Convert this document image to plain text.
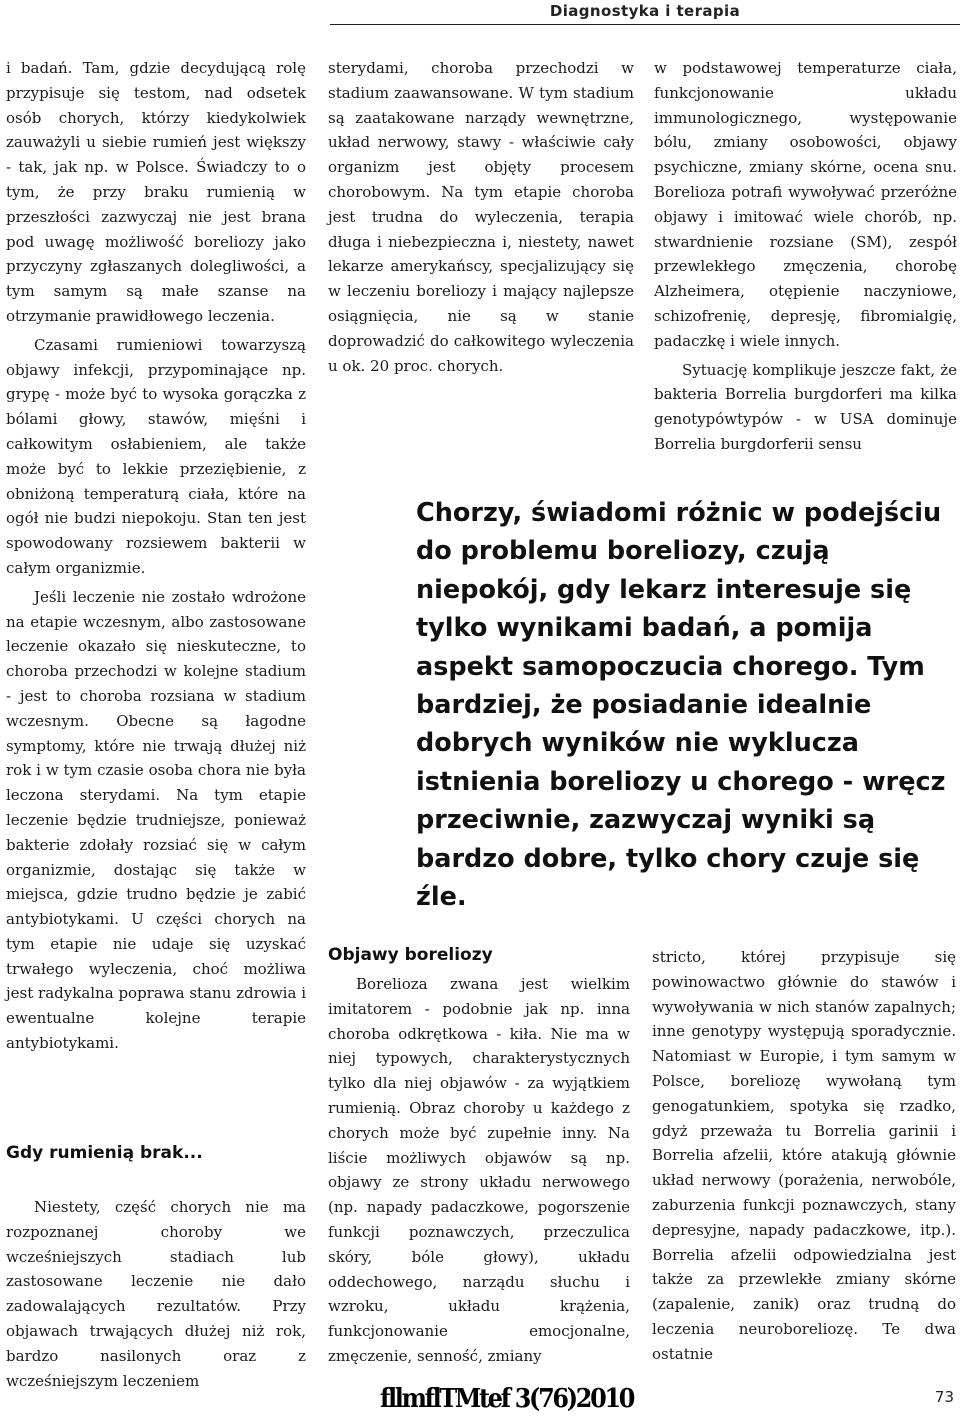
Diagnostyka i terapia

i badań. Tam, gdzie decydującą rolę przypisuje się testom, nad odsetek osób chorych, którzy kiedykolwiek zauważyli u siebie rumień jest większy - tak, jak np. w Polsce. Świadczy to o tym, że przy braku rumienią w przeszłości zazwyczaj nie jest brana pod uwagę możliwość boreliozy jako przyczyny zgłaszanych dolegliwości, a tym samym są małe szanse na otrzymanie prawidłowego leczenia.

Czasami rumieniowi towarzyszą objawy infekcji, przypominające np. grypę - może być to wysoka gorączka z bólami głowy, stawów, mięśni i całkowitym osłabieniem, ale także może być to lekkie przeziębienie, z obniżoną temperaturą ciała, które na ogół nie budzi niepokoju. Stan ten jest spowodowany rozsiewem bakterii w całym organizmie.

Jeśli leczenie nie zostało wdrożone na etapie wczesnym, albo zastosowane leczenie okazało się nieskuteczne, to choroba przechodzi w kolejne stadium - jest to choroba rozsiana w stadium wczesnym. Obecne są łagodne symptomy, które nie trwają dłużej niż rok i w tym czasie osoba chora nie była leczona sterydami. Na tym etapie leczenie będzie trudniejsze, ponieważ bakterie zdołały rozsiać się w całym organizmie, dostając się także w miejsca, gdzie trudno będzie je zabić antybiotykami. U części chorych na tym etapie nie udaje się uzyskać trwałego wyleczenia, choć możliwa jest radykalna poprawa stanu zdrowia i ewentualne kolejne terapie antybiotykami.

Gdy rumienią brak...

Niestety, część chorych nie ma rozpoznanej choroby we wcześniejszych stadiach lub zastosowane leczenie nie dało zadowalających rezultatów. Przy objawach trwających dłużej niż rok, bardzo nasilonych oraz z wcześniejszym leczeniem

sterydami, choroba przechodzi w stadium zaawansowane. W tym stadium są zaatakowane narządy wewnętrzne, układ nerwowy, stawy - właściwie cały organizm jest objęty procesem chorobowym. Na tym etapie choroba jest trudna do wyleczenia, terapia długa i niebezpieczna i, niestety, nawet lekarze amerykańscy, specjalizujący się w leczeniu boreliozy i mający najlepsze osiągnięcia, nie są w stanie doprowadzić do całkowitego wyleczenia u ok. 20 proc. chorych.

w podstawowej temperaturze ciała, funkcjonowanie układu immunologicznego, występowanie bólu, zmiany osobowości, objawy psychiczne, zmiany skórne, ocena snu. Borelioza potrafi wywoływać przeróżne objawy i imitować wiele chorób, np. stwardnienie rozsiane (SM), zespół przewlekłego zmęczenia, chorobę Alzheimera, otępienie naczyniowe, schizofrenię, depresję, fibromialgię, padaczkę i wiele innych.

Sytuację komplikuje jeszcze fakt, że bakteria Borrelia burgdorferi ma kilka genotypówtypów - w USA dominuje Borrelia burgdorferii sensu

Chorzy, świadomi różnic w podejściu do problemu boreliozy, czują niepokój, gdy lekarz interesuje się tylko wynikami badań, a pomija aspekt samopoczucia chorego. Tym bardziej, że posiadanie idealnie dobrych wyników nie wyklucza istnienia boreliozy u chorego - wręcz przeciwnie, zazwyczaj wyniki są bardzo dobre, tylko chory czuje się źle.

Objawy boreliozy

Borelioza zwana jest wielkim imitatorem - podobnie jak np. inna choroba odkrętkowa - kiła. Nie ma w niej typowych, charakterystycznych tylko dla niej objawów - za wyjątkiem rumienią. Obraz choroby u każdego z chorych może być zupełnie inny. Na liście możliwych objawów są np. objawy ze strony układu nerwowego (np. napady padaczkowe, pogorszenie funkcji poznawczych, przeczulica skóry, bóle głowy), układu oddechowego, narządu słuchu i wzroku, układu krążenia, funkcjonowanie emocjonalne, zmęczenie, senność, zmiany

stricto, której przypisuje się powinowactwo głównie do stawów i wywoływania w nich stanów zapalnych; inne genotypy występują sporadycznie. Natomiast w Europie, i tym samym w Polsce, boreliozę wywołaną tym genogatunkiem, spotyka się rzadko, gdyż przeważa tu Borrelia garinii i Borrelia afzelii, które atakują głównie układ nerwowy (porażenia, nerwobóle, zaburzenia funkcji poznawczych, stany depresyjne, napady padaczkowe, itp.). Borrelia afzelii odpowiedzialna jest także za przewlekłe zmiany skórne (zapalenie, zanik) oraz trudną do leczenia neuroboreliozę. Te dwa ostatnie

fllmflTMtef 3(76)2010	73
